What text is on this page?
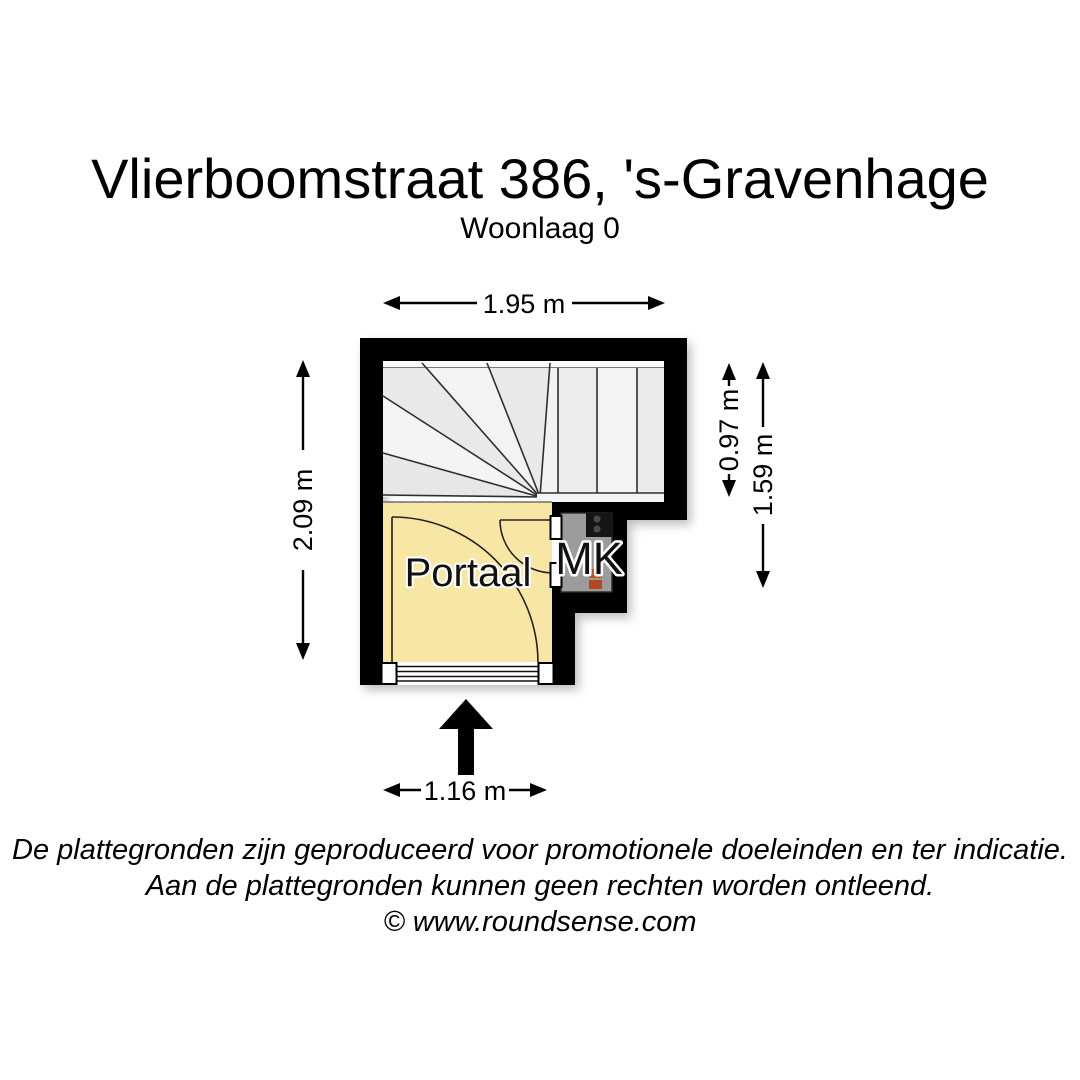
Vlierboomstraat 386, 's-Gravenhage
Woonlaag 0
Portaal MK
1.95 m
2.09 m
0.97 m
1.59 m
1.16 m
De plattegronden zijn geproduceerd voor promotionele doeleinden en ter indicatie.
Aan de plattegronden kunnen geen rechten worden ontleend.
© www.roundsense.com
